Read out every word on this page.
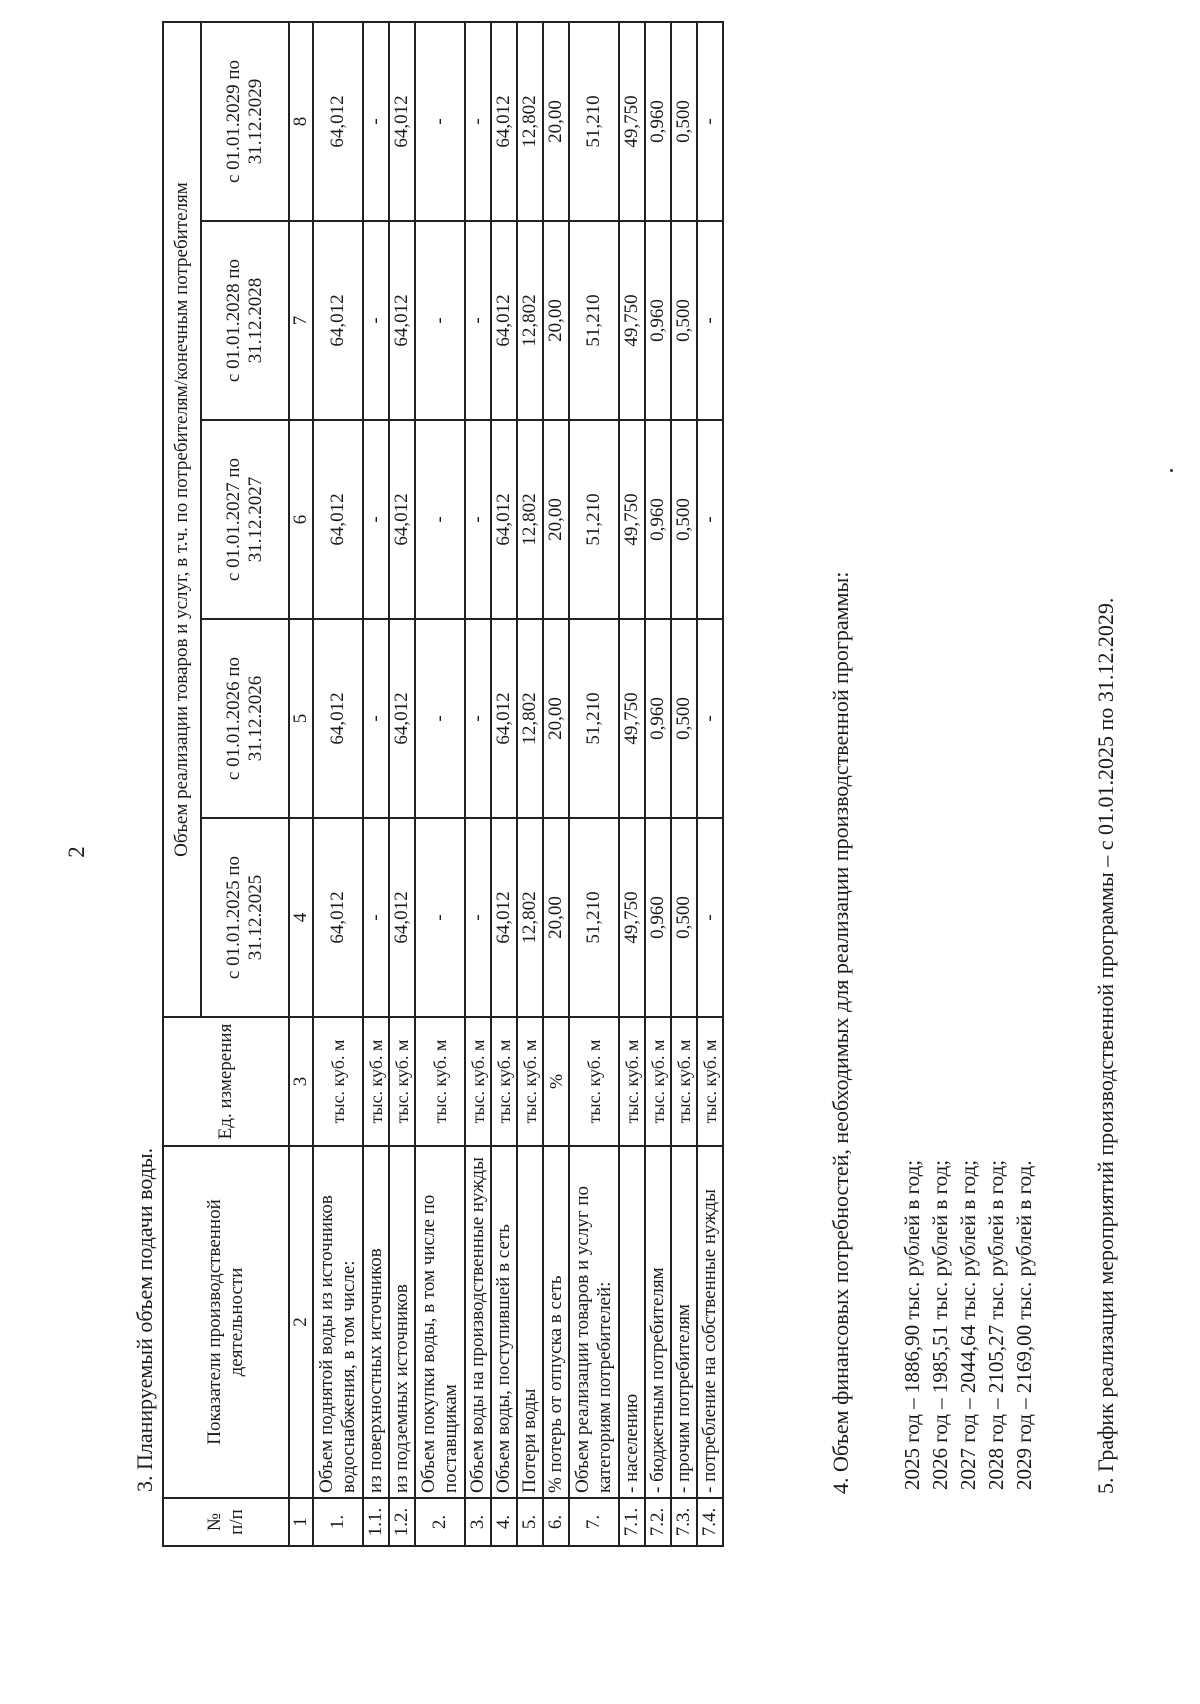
2
3. Планируемый объем подачи воды.
№ п/п	Показатели производственной деятельности	Ед. измерения	Объем реализации товаров и услуг, в т.ч. по потребителям/конечным потребителям				
			с 01.01.2025 по 31.12.2025	с 01.01.2026 по 31.12.2026	с 01.01.2027 по 31.12.2027	с 01.01.2028 по 31.12.2028	с 01.01.2029 по 31.12.2029
1	2	3	4	5	6	7	8
1.	Объем поднятой воды из источников водоснабжения, в том числе:	тыс. куб. м	64,012	64,012	64,012	64,012	64,012
1.1.	из поверхностных источников	тыс. куб. м	-	-	-	-	-
1.2.	из подземных источников	тыс. куб. м	64,012	64,012	64,012	64,012	64,012
2.	Объем покупки воды, в том числе по поставщикам	тыс. куб. м	-	-	-	-	-
3.	Объем воды на производственные нужды	тыс. куб. м	-	-	-	-	-
4.	Объем воды, поступившей в сеть	тыс. куб. м	64,012	64,012	64,012	64,012	64,012
5.	Потери воды	тыс. куб. м	12,802	12,802	12,802	12,802	12,802
6.	% потерь от отпуска в сеть	%	20,00	20,00	20,00	20,00	20,00
7.	Объем реализации товаров и услуг по категориям потребителей:	тыс. куб. м	51,210	51,210	51,210	51,210	51,210
7.1.	- населению	тыс. куб. м	49,750	49,750	49,750	49,750	49,750
7.2.	- бюджетным потребителям	тыс. куб. м	0,960	0,960	0,960	0,960	0,960
7.3.	- прочим потребителям	тыс. куб. м	0,500	0,500	0,500	0,500	0,500
7.4.	- потребление на собственные нужды	тыс. куб. м	-	-	-	-	-
4. Объем финансовых потребностей, необходимых для реализации производственной программы: 2025 год – 1886,90 тыс. рублей в год; 2026 год – 1985,51 тыс. рублей в год; 2027 год – 2044,64 тыс. рублей в год; 2028 год – 2105,27 тыс. рублей в год; 2029 год – 2169,00 тыс. рублей в год.	5. График реализации мероприятий производственной программы – с 01.01.2025 по 31.12.2029.
